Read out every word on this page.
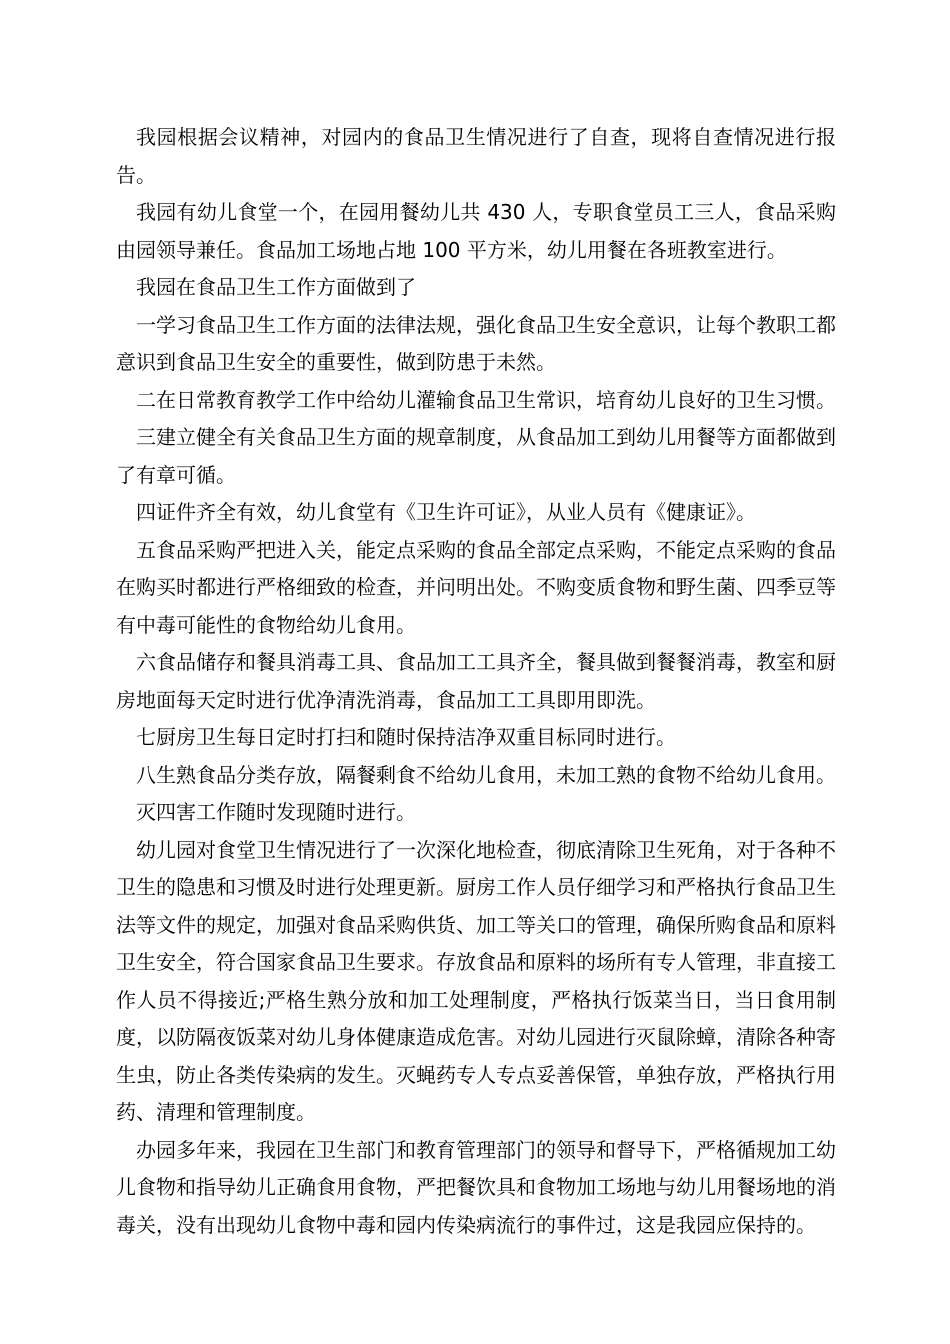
我园根据会议精神，对园内的食品卫生情况进行了自查，现将自查情况进行报告。

我园有幼儿食堂一个，在园用餐幼儿共 430 人，专职食堂员工三人，食品采购由园领导兼任。食品加工场地占地 100 平方米，幼儿用餐在各班教室进行。

我园在食品卫生工作方面做到了

一学习食品卫生工作方面的法律法规，强化食品卫生安全意识，让每个教职工都意识到食品卫生安全的重要性，做到防患于未然。

二在日常教育教学工作中给幼儿灌输食品卫生常识，培育幼儿良好的卫生习惯。

三建立健全有关食品卫生方面的规章制度，从食品加工到幼儿用餐等方面都做到了有章可循。

四证件齐全有效，幼儿食堂有《卫生许可证》，从业人员有《健康证》。

五食品采购严把进入关，能定点采购的食品全部定点采购，不能定点采购的食品在购买时都进行严格细致的检查，并问明出处。不购变质食物和野生菌、四季豆等有中毒可能性的食物给幼儿食用。

六食品储存和餐具消毒工具、食品加工工具齐全，餐具做到餐餐消毒，教室和厨房地面每天定时进行优净清洗消毒，食品加工工具即用即洗。

七厨房卫生每日定时打扫和随时保持洁净双重目标同时进行。

八生熟食品分类存放，隔餐剩食不给幼儿食用，未加工熟的食物不给幼儿食用。

灭四害工作随时发现随时进行。

幼儿园对食堂卫生情况进行了一次深化地检查，彻底清除卫生死角，对于各种不卫生的隐患和习惯及时进行处理更新。厨房工作人员仔细学习和严格执行食品卫生法等文件的规定，加强对食品采购供货、加工等关口的管理，确保所购食品和原料卫生安全，符合国家食品卫生要求。存放食品和原料的场所有专人管理，非直接工作人员不得接近;严格生熟分放和加工处理制度，严格执行饭菜当日，当日食用制度，以防隔夜饭菜对幼儿身体健康造成危害。对幼儿园进行灭鼠除蟑，清除各种寄生虫，防止各类传染病的发生。灭蝇药专人专点妥善保管，单独存放，严格执行用药、清理和管理制度。

办园多年来，我园在卫生部门和教育管理部门的领导和督导下，严格循规加工幼儿食物和指导幼儿正确食用食物，严把餐饮具和食物加工场地与幼儿用餐场地的消毒关，没有出现幼儿食物中毒和园内传染病流行的事件过，这是我园应保持的。
